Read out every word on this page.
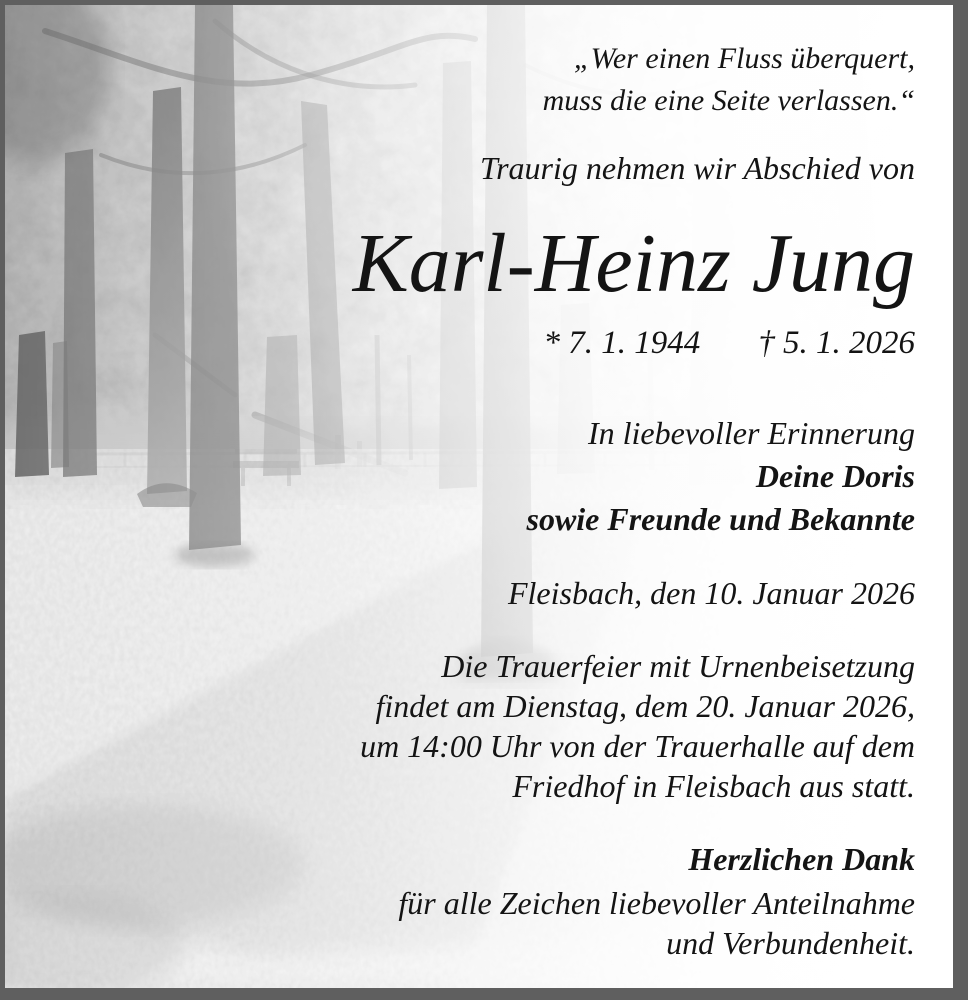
„Wer einen Fluss überquert,
muss die eine Seite verlassen.“
Traurig nehmen wir Abschied von
Karl-Heinz Jung
* 7. 1. 1944 † 5. 1. 2026
In liebevoller Erinnerung
Deine Doris
sowie Freunde und Bekannte
Fleisbach, den 10. Januar 2026
Die Trauerfeier mit Urnenbeisetzung
findet am Dienstag, dem 20. Januar 2026,
um 14:00 Uhr von der Trauerhalle auf dem
Friedhof in Fleisbach aus statt.
Herzlichen Dank
für alle Zeichen liebevoller Anteilnahme
und Verbundenheit.
